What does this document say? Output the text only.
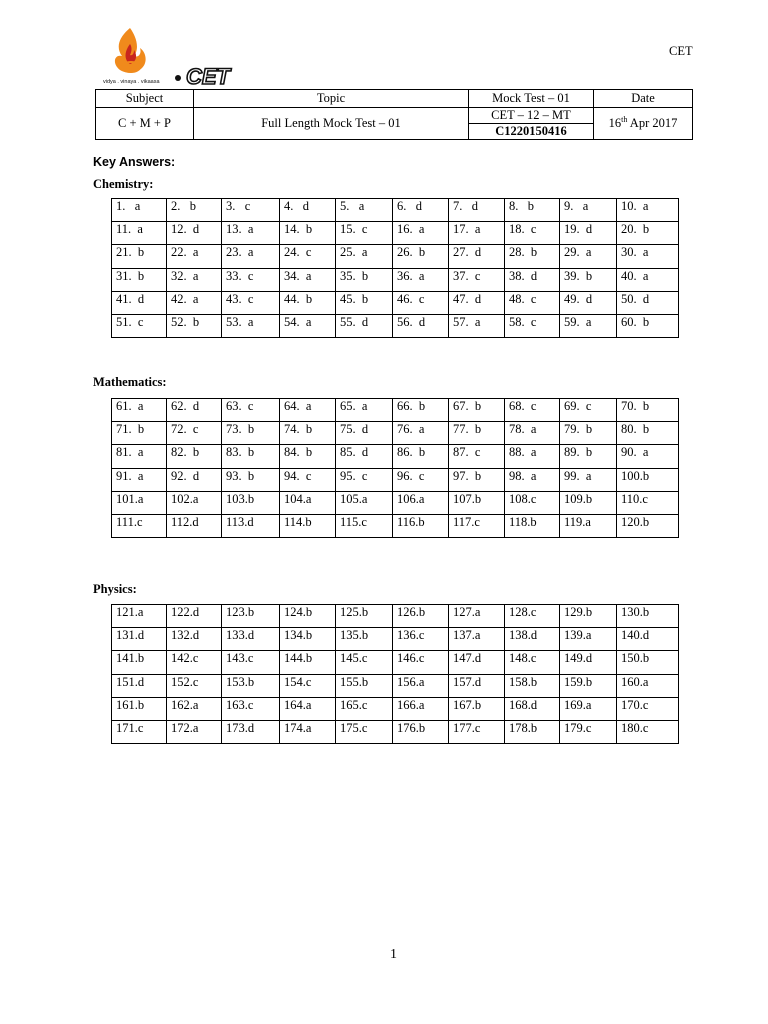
vidya . vinaya . vikaasa CET
CET
Subject	Topic	Mock Test – 01	Date
C + M + P	Full Length Mock Test – 01	CET – 12 – MT	16th Apr 2017
		C1220150416	
Key Answers:
Chemistry:
1.   a	2.   b	3.   c	4.   d	5.   a	6.   d	7.   d	8.   b	9.   a	10.  a
11.  a	12.  d	13.  a	14.  b	15.  c	16.  a	17.  a	18.  c	19.  d	20.  b
21.  b	22.  a	23.  a	24.  c	25.  a	26.  b	27.  d	28.  b	29.  a	30.  a
31.  b	32.  a	33.  c	34.  a	35.  b	36.  a	37.  c	38.  d	39.  b	40.  a
41.  d	42.  a	43.  c	44.  b	45.  b	46.  c	47.  d	48.  c	49.  d	50.  d
51.  c	52.  b	53.  a	54.  a	55.  d	56.  d	57.  a	58.  c	59.  a	60.  b
Mathematics:
61.  a	62.  d	63.  c	64.  a	65.  a	66.  b	67.  b	68.  c	69.  c	70.  b
71.  b	72.  c	73.  b	74.  b	75.  d	76.  a	77.  b	78.  a	79.  b	80.  b
81.  a	82.  b	83.  b	84.  b	85.  d	86.  b	87.  c	88.  a	89.  b	90.  a
91.  a	92.  d	93.  b	94.  c	95.  c	96.  c	97.  b	98.  a	99.  a	100.b
101.a	102.a	103.b	104.a	105.a	106.a	107.b	108.c	109.b	110.c
111.c	112.d	113.d	114.b	115.c	116.b	117.c	118.b	119.a	120.b
Physics:
121.a	122.d	123.b	124.b	125.b	126.b	127.a	128.c	129.b	130.b
131.d	132.d	133.d	134.b	135.b	136.c	137.a	138.d	139.a	140.d
141.b	142.c	143.c	144.b	145.c	146.c	147.d	148.c	149.d	150.b
151.d	152.c	153.b	154.c	155.b	156.a	157.d	158.b	159.b	160.a
161.b	162.a	163.c	164.a	165.c	166.a	167.b	168.d	169.a	170.c
171.c	172.a	173.d	174.a	175.c	176.b	177.c	178.b	179.c	180.c
1
